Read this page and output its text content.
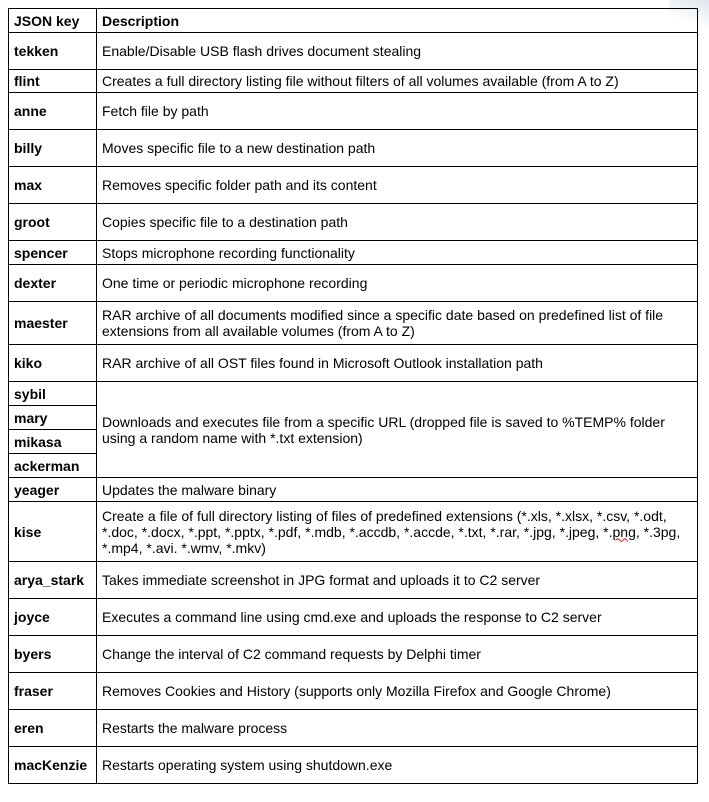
JSON key	Description
tekken	Enable/Disable USB flash drives document stealing
flint	Creates a full directory listing file without filters of all volumes available (from A to Z)
anne	Fetch file by path
billy	Moves specific file to a new destination path
max	Removes specific folder path and its content
groot	Copies specific file to a destination path
spencer	Stops microphone recording functionality
dexter	One time or periodic microphone recording
maester	RAR archive of all documents modified since a specific date based on predefined list of file extensions from all available volumes (from A to Z)
kiko	RAR archive of all OST files found in Microsoft Outlook installation path
sybil	Downloads and executes file from a specific URL (dropped file is saved to %TEMP% folder using a random name with *.txt extension)
mary	
mikasa	
ackerman	
yeager	Updates the malware binary
kise	Create a file of full directory listing of files of predefined extensions (*.xls, *.xlsx, *.csv, *.odt, *.doc, *.docx, *.ppt, *.pptx, *.pdf, *.mdb, *.accdb, *.accde, *.txt, *.rar, *.jpg, *.jpeg, *.png, *.3pg, *.mp4, *.avi. *.wmv, *.mkv)
arya_stark	Takes immediate screenshot in JPG format and uploads it to C2 server
joyce	Executes a command line using cmd.exe and uploads the response to C2 server
byers	Change the interval of C2 command requests by Delphi timer
fraser	Removes Cookies and History (supports only Mozilla Firefox and Google Chrome)
eren	Restarts the malware process
macKenzie	Restarts operating system using shutdown.exe
